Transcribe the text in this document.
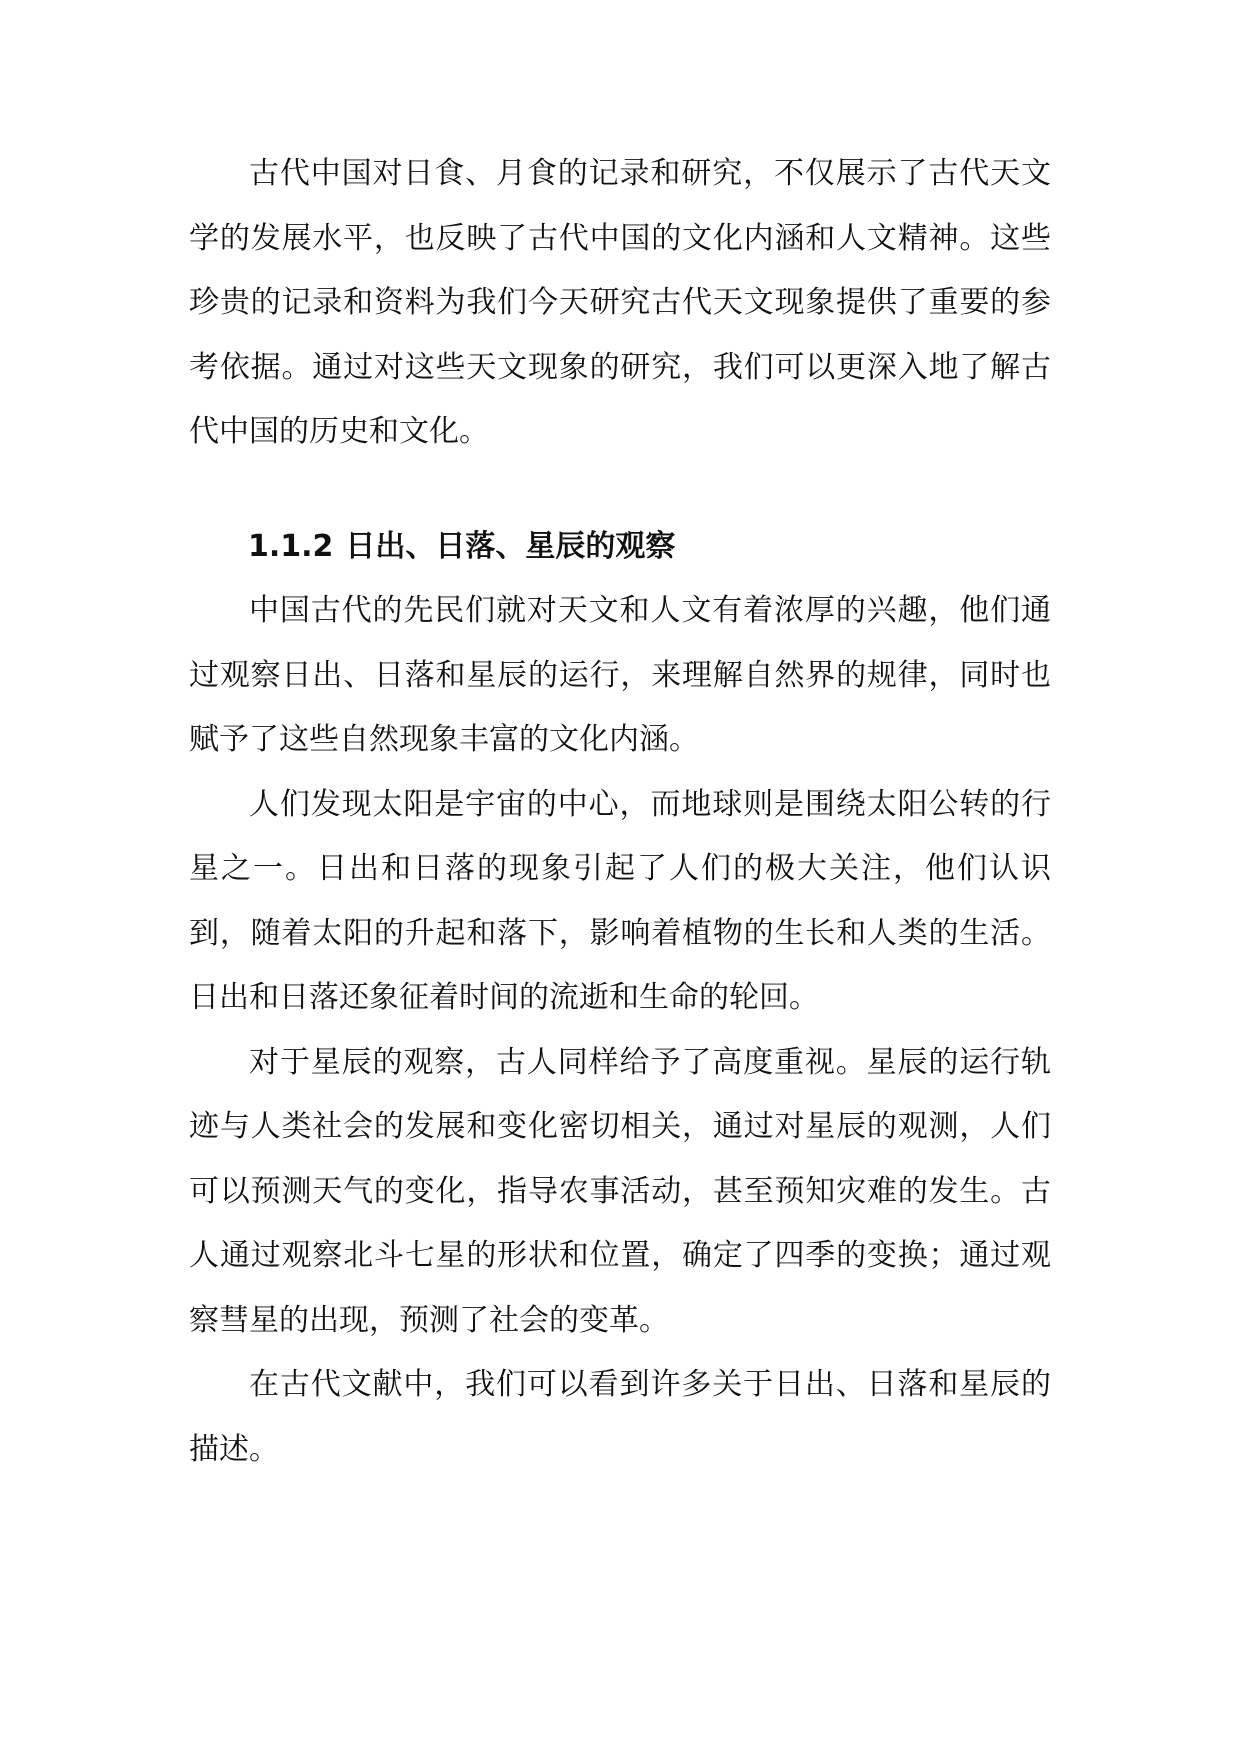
古代中国对日食、月食的记录和研究，不仅展示了古代天文学的发展水平，也反映了古代中国的文化内涵和人文精神。这些珍贵的记录和资料为我们今天研究古代天文现象提供了重要的参考依据。通过对这些天文现象的研究，我们可以更深入地了解古代中国的历史和文化。

1.1.2 日出、日落、星辰的观察

中国古代的先民们就对天文和人文有着浓厚的兴趣，他们通过观察日出、日落和星辰的运行，来理解自然界的规律，同时也赋予了这些自然现象丰富的文化内涵。

人们发现太阳是宇宙的中心，而地球则是围绕太阳公转的行星之一。日出和日落的现象引起了人们的极大关注，他们认识到，随着太阳的升起和落下，影响着植物的生长和人类的生活。日出和日落还象征着时间的流逝和生命的轮回。

对于星辰的观察，古人同样给予了高度重视。星辰的运行轨迹与人类社会的发展和变化密切相关，通过对星辰的观测，人们可以预测天气的变化，指导农事活动，甚至预知灾难的发生。古人通过观察北斗七星的形状和位置，确定了四季的变换；通过观察彗星的出现，预测了社会的变革。

在古代文献中，我们可以看到许多关于日出、日落和星辰的描述。
